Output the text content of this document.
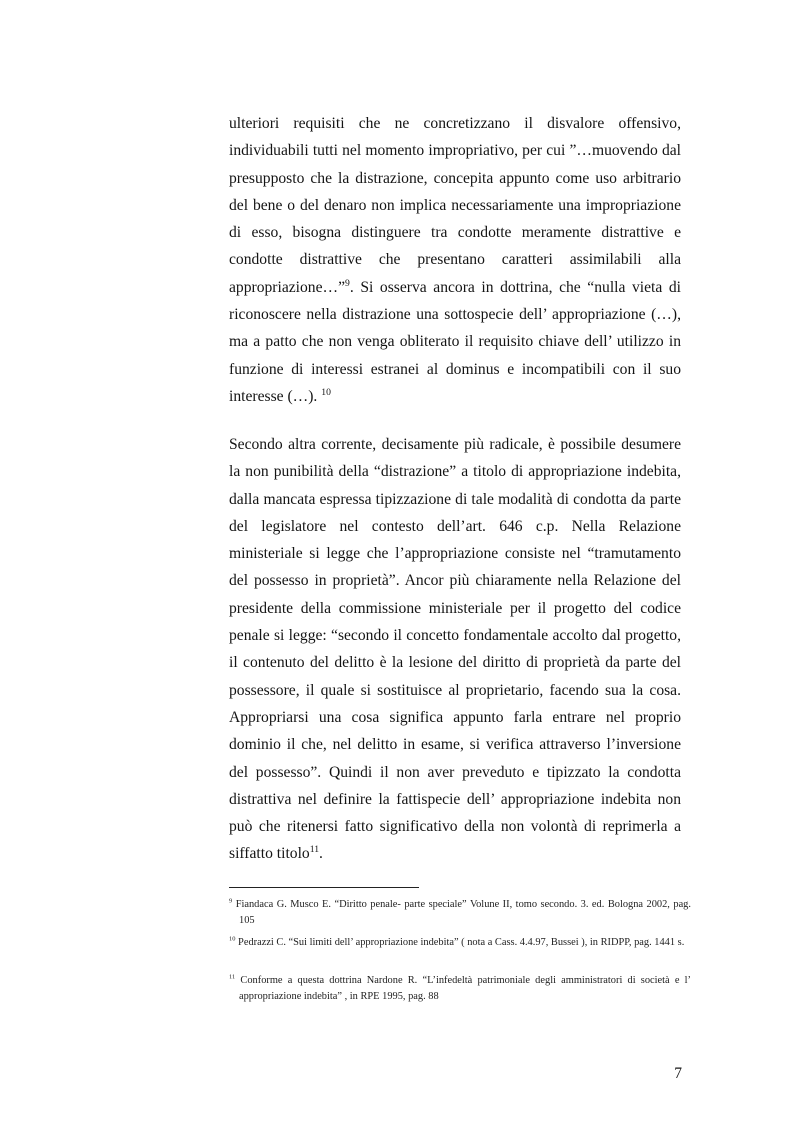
ulteriori requisiti che ne concretizzano il disvalore offensivo, individuabili tutti nel momento impropriativo, per cui ”…muovendo dal presupposto che la distrazione, concepita appunto come uso arbitrario del bene o del denaro non implica necessariamente una impropriazione di esso, bisogna distinguere tra condotte meramente distrattive e condotte distrattive che presentano caratteri assimilabili alla appropriazione…”$^9$. Si osserva ancora in dottrina, che “nulla vieta di riconoscere nella distrazione una sottospecie dell’ appropriazione (…), ma a patto che non venga obliterato il requisito chiave dell’ utilizzo in funzione di interessi estranei al dominus e incompatibili con il suo interesse (…). $^{10}$

Secondo altra corrente, decisamente più radicale, è possibile desumere la non punibilità della “distrazione” a titolo di appropriazione indebita, dalla mancata espressa tipizzazione di tale modalità di condotta da parte del legislatore nel contesto dell’art. 646 c.p. Nella Relazione ministeriale si legge che l’appropriazione consiste nel “tramutamento del possesso in proprietà”. Ancor più chiaramente nella Relazione del presidente della commissione ministeriale per il progetto del codice penale si legge: “secondo il concetto fondamentale accolto dal progetto, il contenuto del delitto è la lesione del diritto di proprietà da parte del possessore, il quale si sostituisce al proprietario, facendo sua la cosa. Appropriarsi una cosa significa appunto farla entrare nel proprio dominio il che, nel delitto in esame, si verifica attraverso l’inversione del possesso”. Quindi il non aver preveduto e tipizzato la condotta distrattiva nel definire la fattispecie dell’ appropriazione indebita non può che ritenersi fatto significativo della non volontà di reprimerla a siffatto titolo$^{11}$.

$^9$ Fiandaca G. Musco E. “Diritto penale- parte speciale” Volune II, tomo secondo. 3. ed. Bologna 2002, pag. 105

$^{10}$ Pedrazzi C. “Sui limiti dell’ appropriazione indebita” ( nota a Cass. 4.4.97, Bussei ), in RIDPP, pag. 1441 s.

$^{11}$ Conforme a questa dottrina Nardone R. “L’infedeltà patrimoniale degli amministratori di società e l’ appropriazione indebita” , in RPE 1995, pag. 88

7
